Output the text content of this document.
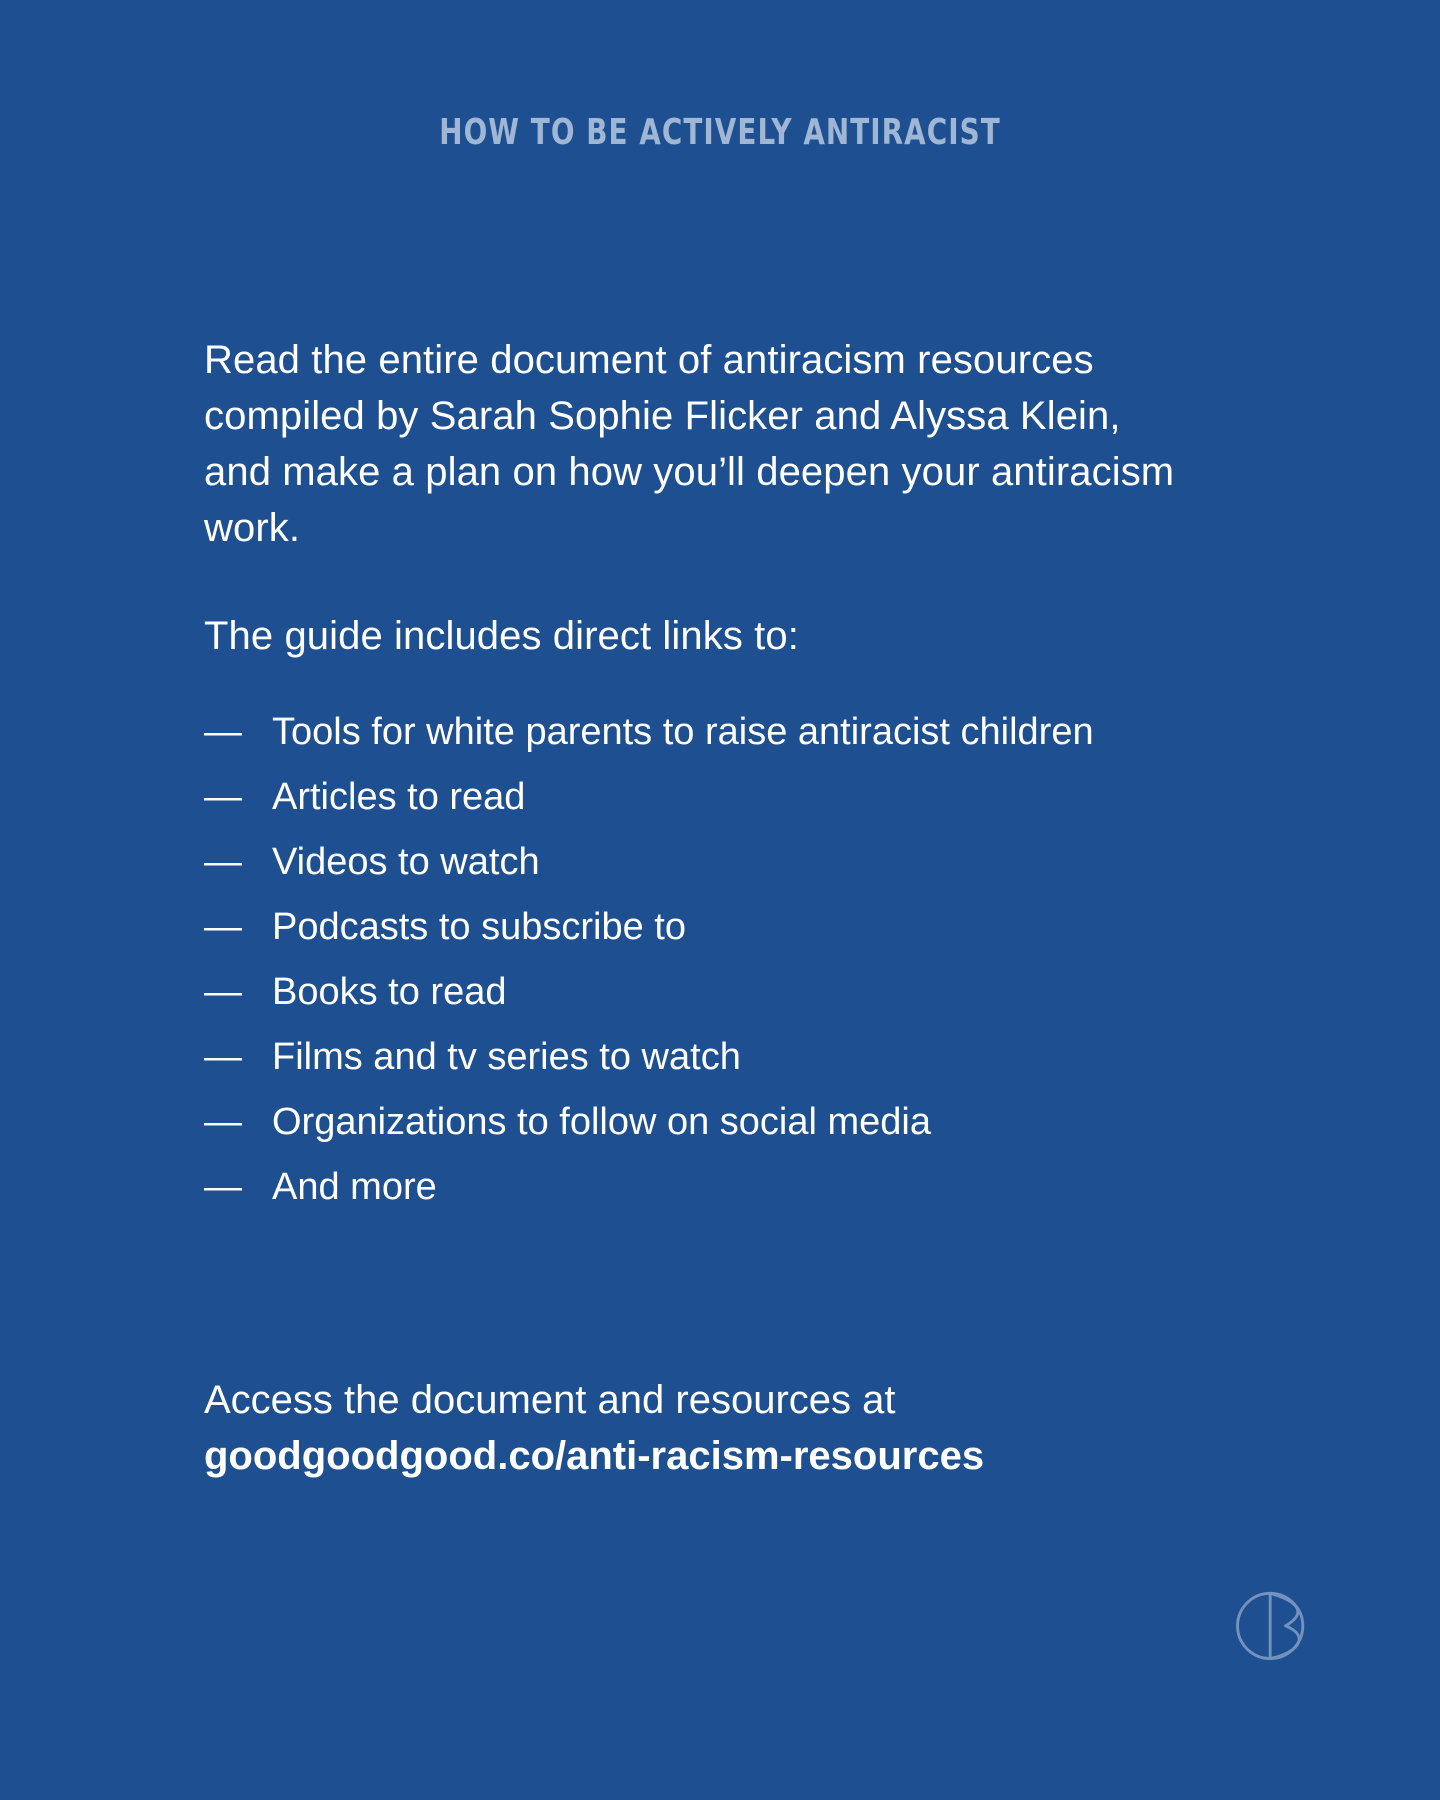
HOW TO BE ACTIVELY ANTIRACIST

Read the entire document of antiracism resources compiled by Sarah Sophie Flicker and Alyssa Klein, and make a plan on how you’ll deepen your antiracism work.

The guide includes direct links to:

— Tools for white parents to raise antiracist children
— Articles to read
— Videos to watch
— Podcasts to subscribe to
— Books to read
— Films and tv series to watch
— Organizations to follow on social media
— And more
Access the document and resources at
goodgoodgood.co/anti-racism-resources
